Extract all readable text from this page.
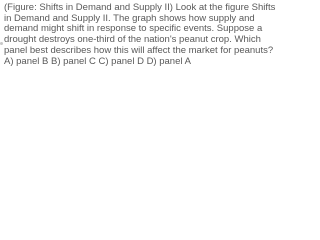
(Figure: Shifts in Demand and Supply II) Look at the figure Shifts
in Demand and Supply II. The graph shows how supply and
demand might shift in response to specific events. Suppose a
drought destroys one-third of the nation's peanut crop. Which
panel best describes how this will affect the market for peanuts?
A) panel B B) panel C C) panel D D) panel A
